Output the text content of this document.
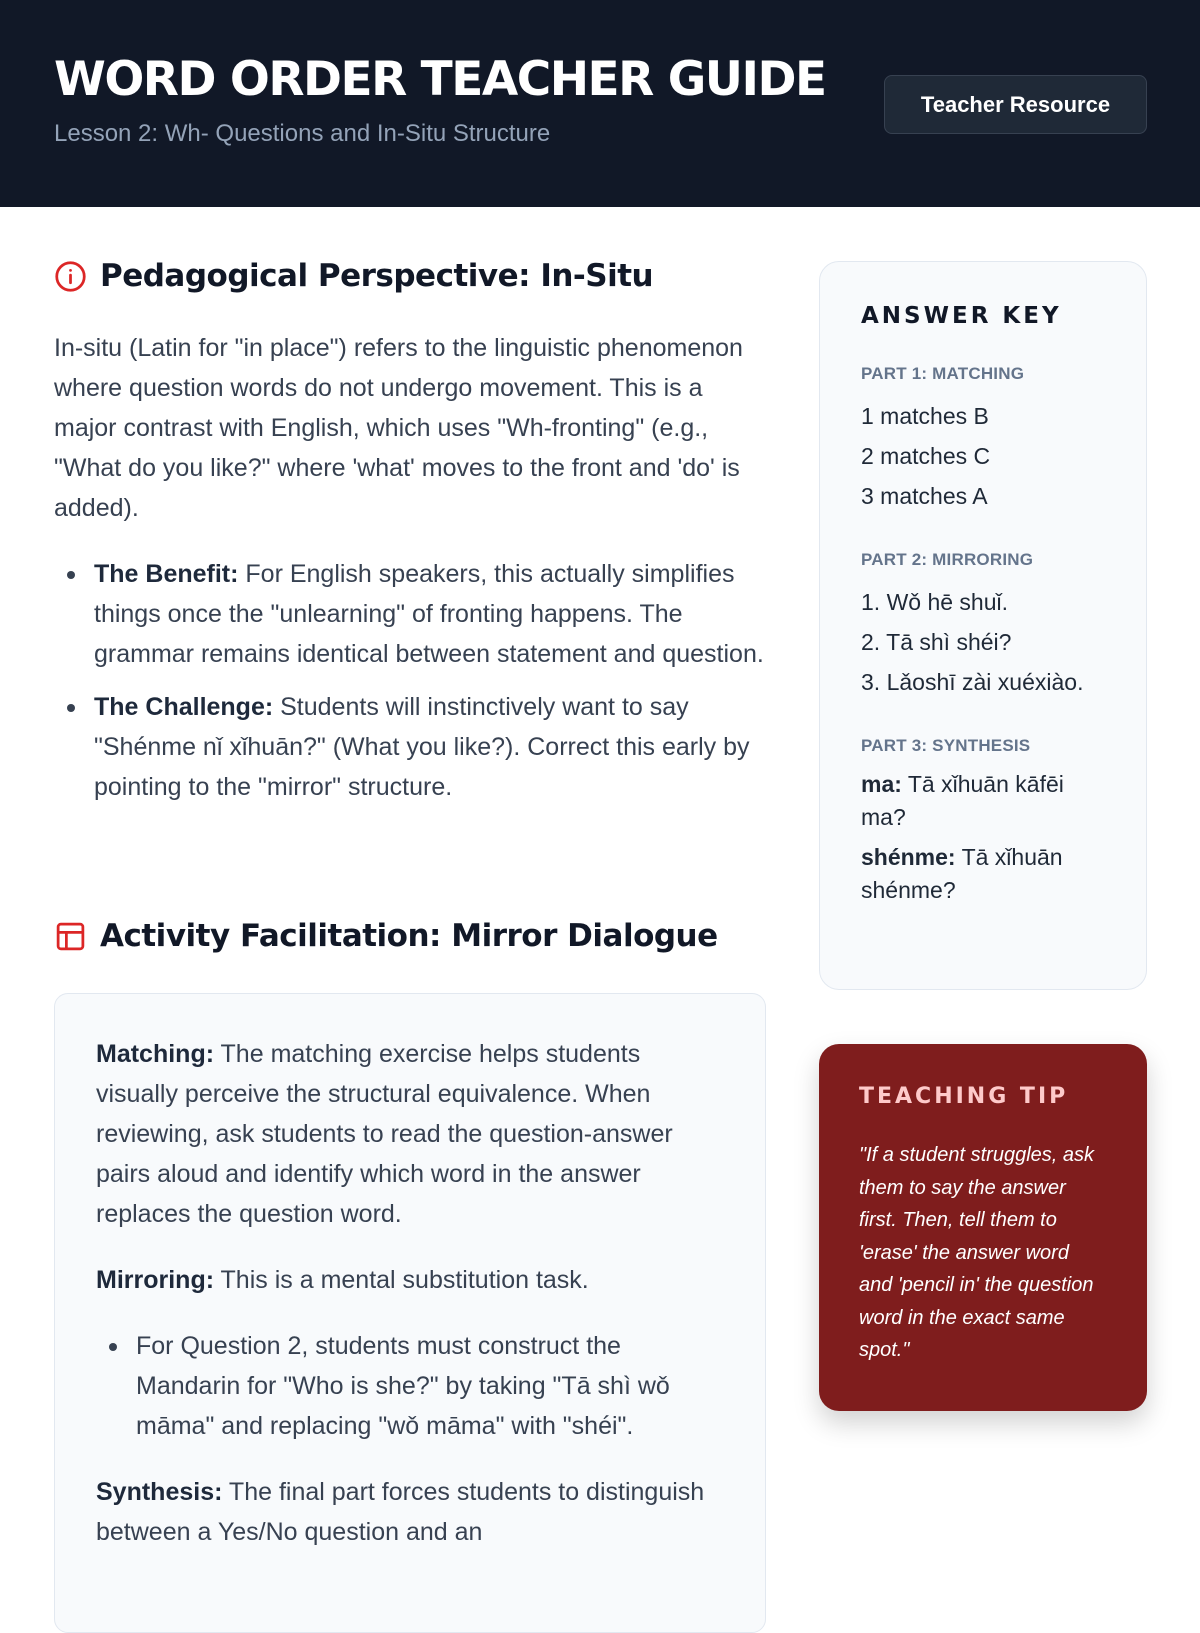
WORD ORDER TEACHER GUIDE
Lesson 2: Wh- Questions and In-Situ Structure
Teacher Resource
Pedagogical Perspective: In-Situ

In-situ (Latin for "in place") refers to the linguistic phenomenon where question words do not undergo movement. This is a major contrast with English, which uses "Wh-fronting" (e.g., "What do you like?" where 'what' moves to the front and 'do' is added).

The Benefit: For English speakers, this actually simplifies things once the "unlearning" of fronting happens. The grammar remains identical between statement and question.
The Challenge: Students will instinctively want to say "Shénme nǐ xǐhuān?" (What you like?). Correct this early by pointing to the "mirror" structure.
Activity Facilitation: Mirror Dialogue

Matching: The matching exercise helps students visually perceive the structural equivalence. When reviewing, ask students to read the question-answer pairs aloud and identify which word in the answer replaces the question word.

Mirroring: This is a mental substitution task.

For Question 2, students must construct the Mandarin for "Who is she?" by taking "Tā shì wǒ māma" and replacing "wǒ māma" with "shéi".

Synthesis: The final part forces students to distinguish between a Yes/No question and an

ANSWER KEY
PART 1: MATCHING
1 matches B
2 matches C
3 matches A
PART 2: MIRRORING
1. Wǒ hē shuǐ.
2. Tā shì shéi?
3. Lǎoshī zài xuéxiào.
PART 3: SYNTHESIS
ma: Tā xǐhuān kāfēi ma?
shénme: Tā xǐhuān shénme?
TEACHING TIP

"If a student struggles, ask them to say the answer first. Then, tell them to 'erase' the answer word and 'pencil in' the question word in the exact same spot."
